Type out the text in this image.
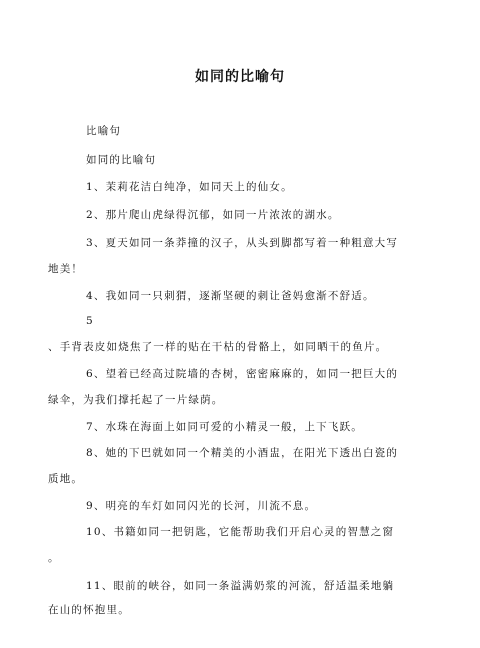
如同的比喻句
比喻句
如同的比喻句
1、茉莉花洁白纯净，如同天上的仙女。
2、那片爬山虎绿得沉郁，如同一片浓浓的湖水。
3、夏天如同一条莽撞的汉子，从头到脚都写着一种粗意大写
地美！
4、我如同一只刺猬，逐渐坚硬的刺让爸妈愈渐不舒适。
5
、手背表皮如烧焦了一样的贴在干枯的骨骼上，如同晒干的鱼片。
6、望着已经高过院墙的杏树，密密麻麻的，如同一把巨大的
绿伞，为我们撑托起了一片绿荫。
7、水珠在海面上如同可爱的小精灵一般，上下飞跃。
8、她的下巴就如同一个精美的小酒盅，在阳光下透出白瓷的
质地。
9、明亮的车灯如同闪光的长河，川流不息。
10、书籍如同一把钥匙，它能帮助我们开启心灵的智慧之窗
。
11、眼前的峡谷，如同一条溢满奶浆的河流，舒适温柔地躺
在山的怀抱里。
